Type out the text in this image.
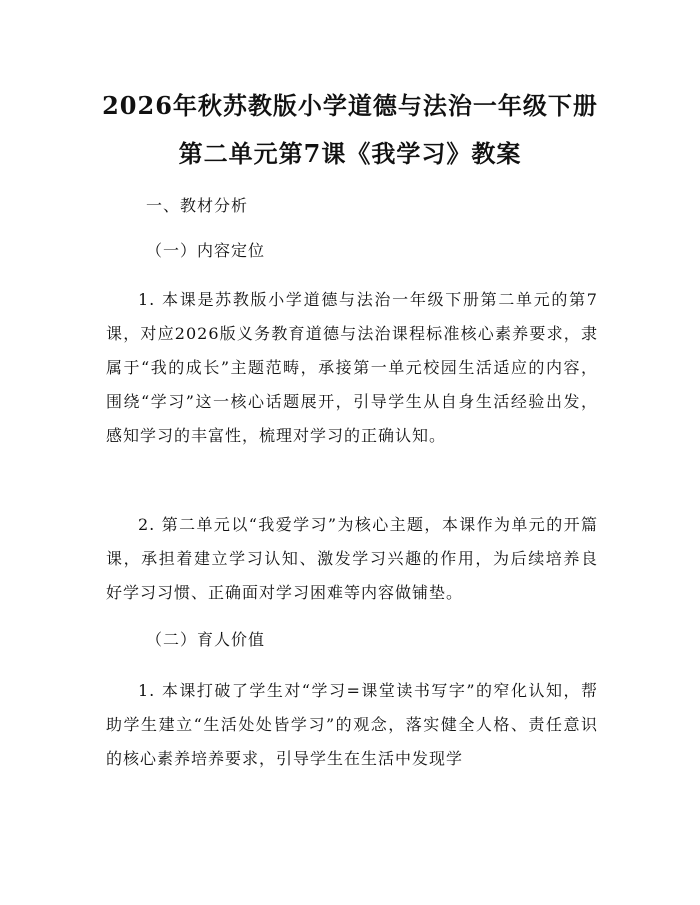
2026年秋苏教版小学道德与法治一年级下册
第二单元第7课《我学习》教案
一、教材分析
（一）内容定位

1. 本课是苏教版小学道德与法治一年级下册第二单元的第7课，对应2026版义务教育道德与法治课程标准核心素养要求，隶属于“我的成长”主题范畴，承接第一单元校园生活适应的内容，围绕“学习”这一核心话题展开，引导学生从自身生活经验出发，感知学习的丰富性，梳理对学习的正确认知。

2. 第二单元以“我爱学习”为核心主题，本课作为单元的开篇课，承担着建立学习认知、激发学习兴趣的作用，为后续培养良好学习习惯、正确面对学习困难等内容做铺垫。

（二）育人价值

1. 本课打破了学生对“学习=课堂读书写字”的窄化认知，帮助学生建立“生活处处皆学习”的观念，落实健全人格、责任意识的核心素养培养要求，引导学生在生活中发现学
